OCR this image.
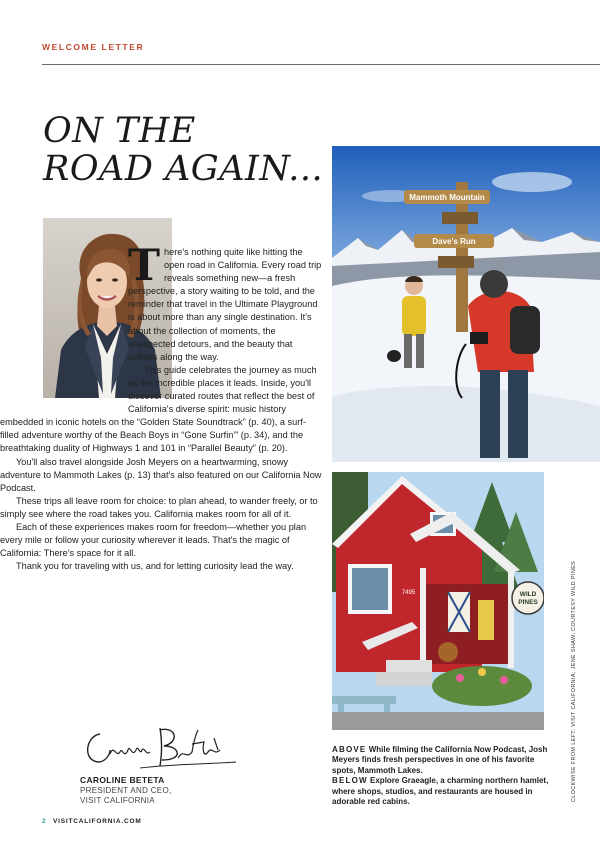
WELCOME LETTER
ON THE
ROAD AGAIN...
T here's nothing quite like hitting the open road in California. Every road trip reveals something new—a fresh perspective, a story waiting to be told, and the reminder that travel in the Ultimate Playground is about more than any single destination. It's about the collection of moments, the unexpected detours, and the beauty that unfolds along the way.

This guide celebrates the journey as much as the incredible places it leads. Inside, you'll discover curated routes that reflect the best of California's diverse spirit: music history embedded in iconic hotels on the “Golden State Soundtrack” (p. 40), a surf-filled adventure worthy of the Beach Boys in “Gone Surfin'” (p. 34), and the breathtaking duality of Highways 1 and 101 in “Parallel Beauty” (p. 20).

You'll also travel alongside Josh Meyers on a heartwarming, snowy adventure to Mammoth Lakes (p. 13) that's also featured on our California Now Podcast.

These trips all leave room for choice: to plan ahead, to wander freely, or to simply see where the road takes you. California makes room for all of it.

Each of these experiences makes room for freedom—whether you plan every mile or follow your curiosity wherever it leads. That's the magic of California: There's space for it all.

Thank you for traveling with us, and for letting curiosity lead the way.

CAROLINE BETETA
PRESIDENT AND CEO,
VISIT CALIFORNIA
Mammoth Mountain
Dave's Run
7495	WILD
PINES

ABOVE While filming the California Now Podcast, Josh Meyers finds fresh perspectives in one of his favorite spots, Mammoth Lakes.

BELOW Explore Graeagle, a charming northern hamlet, where shops, studios, and restaurants are housed in adorable red cabins.	CLOCKWISE FROM LEFT: VISIT CALIFORNIA; JENÉ SHAW; COURTESY WILD PINES
2 VISITCALIFORNIA.COM
